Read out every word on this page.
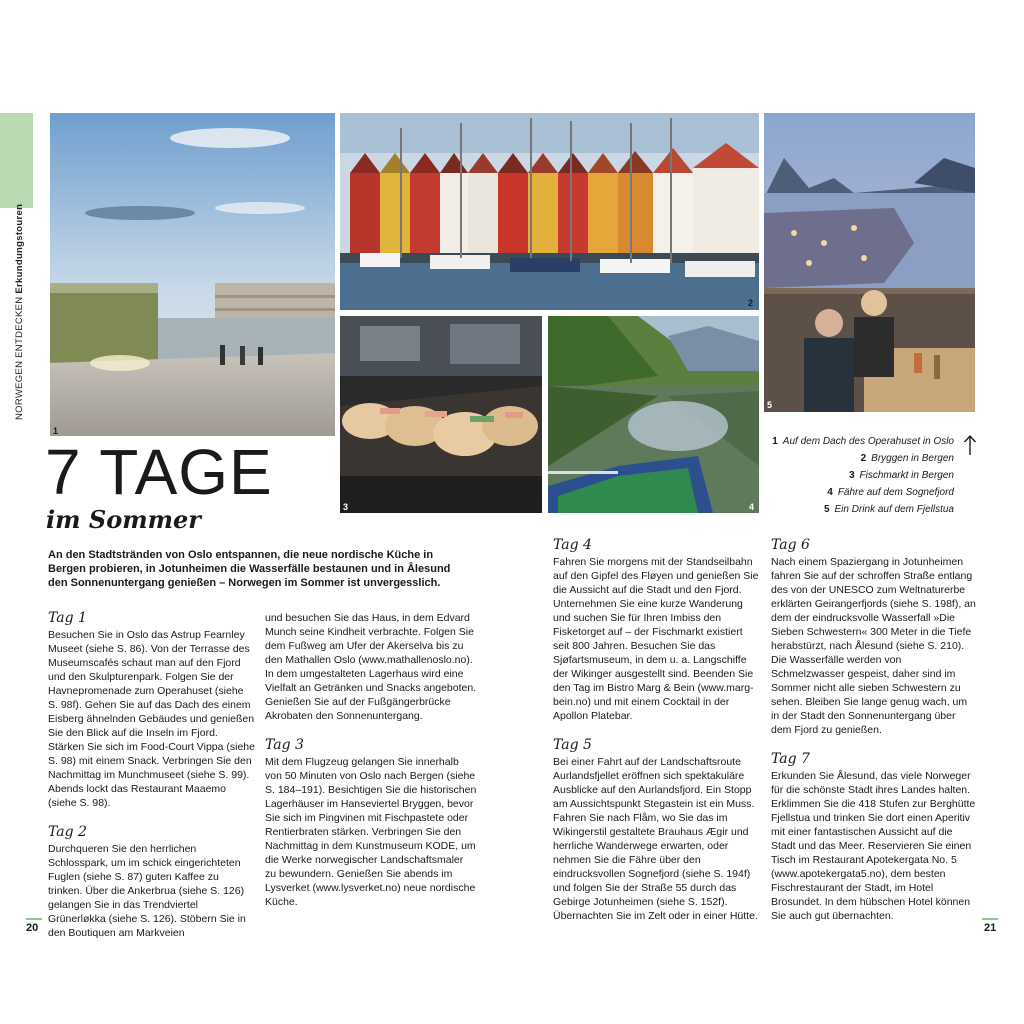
NORWEGEN ENTDECKEN Erkundungstouren
1
2
5
3	4
7 TAGE
im Sommer
1 Auf dem Dach des Operahuset in Oslo
2 Bryggen in Bergen
3 Fischmarkt in Bergen
4 Fähre auf dem Sognefjord
5 Ein Drink auf dem Fjellstua
An den Stadtstränden von Oslo entspannen, die neue nordische Küche in Bergen probieren, in Jotunheimen die Wasserfälle bestaunen und in Ålesund den Sonnenuntergang genießen – Norwegen im Sommer ist unvergesslich.
Tag 1

Besuchen Sie in Oslo das Astrup Fearnley Museet (siehe S. 86). Von der Terrasse des Museumscafés schaut man auf den Fjord und den Skulpturenpark. Folgen Sie der Havnepromenade zum Operahuset (siehe S. 98f). Gehen Sie auf das Dach des einem Eisberg ähnelnden Gebäudes und genießen Sie den Blick auf die Inseln im Fjord. Stärken Sie sich im Food-Court Vippa (siehe S. 98) mit einem Snack. Verbringen Sie den Nachmittag im Munchmuseet (siehe S. 99). Abends lockt das Restaurant Maaemo (siehe S. 98).

Tag 2

Durchqueren Sie den herrlichen Schlosspark, um im schick eingerichteten Fuglen (siehe S. 87) guten Kaffee zu trinken. Über die Ankerbrua (siehe S. 126) gelangen Sie in das Trendviertel Grünerløkka (siehe S. 126). Stöbern Sie in den Boutiquen am Markveien

und besuchen Sie das Haus, in dem Edvard Munch seine Kindheit verbrachte. Folgen Sie dem Fußweg am Ufer der Akerselva bis zu den Mathallen Oslo (www.mathallenoslo.no). In dem umgestalteten Lagerhaus wird eine Vielfalt an Getränken und Snacks angeboten. Genießen Sie auf der Fußgängerbrücke Akrobaten den Sonnenuntergang.

Tag 3

Mit dem Flugzeug gelangen Sie innerhalb von 50 Minuten von Oslo nach Bergen (siehe S. 184–191). Besichtigen Sie die historischen Lagerhäuser im Hanseviertel Bryggen, bevor Sie sich im Pingvinen mit Fischpastete oder Rentierbraten stärken. Verbringen Sie den Nachmittag in dem Kunstmuseum KODE, um die Werke norwegischer Landschaftsmaler zu bewundern. Genießen Sie abends im Lysverket (www.lysverket.no) neue nordische Küche.

Tag 4

Fahren Sie morgens mit der Standseilbahn auf den Gipfel des Fløyen und genießen Sie die Aussicht auf die Stadt und den Fjord. Unternehmen Sie eine kurze Wanderung und suchen Sie für Ihren Imbiss den Fisketorget auf – der Fischmarkt existiert seit 800 Jahren. Besuchen Sie das Sjøfartsmuseum, in dem u. a. Langschiffe der Wikinger ausgestellt sind. Beenden Sie den Tag im Bistro Marg & Bein (www.marg-bein.no) und mit einem Cocktail in der Apollon Platebar.

Tag 5

Bei einer Fahrt auf der Landschaftsroute Aurlandsfjellet eröffnen sich spektakuläre Ausblicke auf den Aurlandsfjord. Ein Stopp am Aussichtspunkt Stegastein ist ein Muss. Fahren Sie nach Flåm, wo Sie das im Wikingerstil gestaltete Brauhaus Ægir und herrliche Wanderwege erwarten, oder nehmen Sie die Fähre über den eindrucksvollen Sognefjord (siehe S. 194f) und folgen Sie der Straße 55 durch das Gebirge Jotunheimen (siehe S. 152f). Übernachten Sie im Zelt oder in einer Hütte.

Tag 6

Nach einem Spaziergang in Jotunheimen fahren Sie auf der schroffen Straße entlang des von der UNESCO zum Weltnaturerbe erklärten Geirangerfjords (siehe S. 198f), an dem der eindrucksvolle Wasserfall »Die Sieben Schwestern« 300 Meter in die Tiefe herabstürzt, nach Ålesund (siehe S. 210). Die Wasserfälle werden von Schmelzwasser gespeist, daher sind im Sommer nicht alle sieben Schwestern zu sehen. Bleiben Sie lange genug wach, um in der Stadt den Sonnenuntergang über dem Fjord zu genießen.

Tag 7

Erkunden Sie Ålesund, das viele Norweger für die schönste Stadt ihres Landes halten. Erklimmen Sie die 418 Stufen zur Berghütte Fjellstua und trinken Sie dort einen Aperitiv mit einer fantastischen Aussicht auf die Stadt und das Meer. Reservieren Sie einen Tisch im Restaurant Apotekergata No. 5 (www.apotekergata5.no), dem besten Fischrestaurant der Stadt, im Hotel Brosundet. In dem hübschen Hotel können Sie auch gut übernachten.

20	21
